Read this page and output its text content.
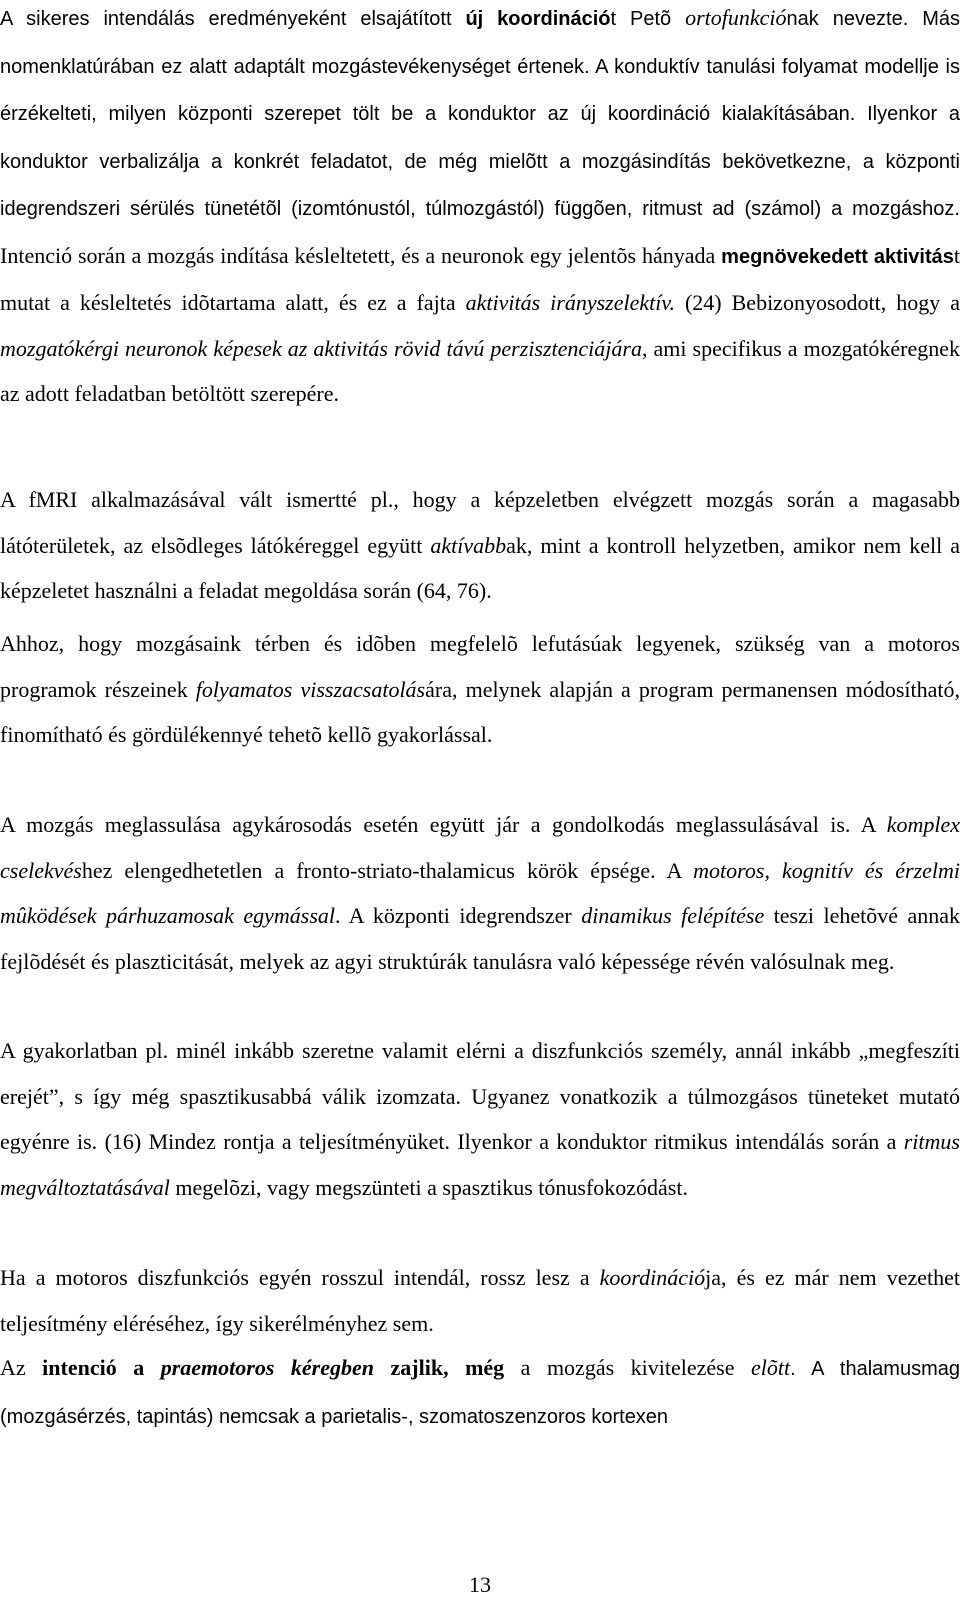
A sikeres intendálás eredményeként elsajátított új koordinációt Petõ ortofunkciónak nevezte. Más nomenklatúrában ez alatt adaptált mozgástevékenységet értenek. A konduktív tanulási folyamat modellje is érzékelteti, milyen központi szerepet tölt be a konduktor az új koordináció kialakításában. Ilyenkor a konduktor verbalizálja a konkrét feladatot, de még mielõtt a mozgásindítás bekövetkezne, a központi idegrendszeri sérülés tünetétõl (izomtónustól, túlmozgástól) függõen, ritmust ad (számol) a mozgáshoz. Intenció során a mozgás indítása késleltetett, és a neuronok egy jelentõs hányada megnövekedett aktivitást mutat a késleltetés idõtartama alatt, és ez a fajta aktivitás irányszelektív. (24) Bebizonyosodott, hogy a mozgatókérgi neuronok képesek az aktivitás rövid távú perzisztenciájára, ami specifikus a mozgatókéregnek az adott feladatban betöltött szerepére.

A fMRI alkalmazásával vált ismertté pl., hogy a képzeletben elvégzett mozgás során a magasabb látóterületek, az elsõdleges látókéreggel együtt aktívabbak, mint a kontroll helyzetben, amikor nem kell a képzeletet használni a feladat megoldása során (64, 76).

Ahhoz, hogy mozgásaink térben és idõben megfelelõ lefutásúak legyenek, szükség van a motoros programok részeinek folyamatos visszacsatolására, melynek alapján a program permanensen módosítható, finomítható és gördülékennyé tehetõ kellõ gyakorlással.

A mozgás meglassulása agykárosodás esetén együtt jár a gondolkodás meglassulásával is. A komplex cselekvéshez elengedhetetlen a fronto-striato-thalamicus körök épsége. A motoros, kognitív és érzelmi mûködések párhuzamosak egymással. A központi idegrendszer dinamikus felépítése teszi lehetõvé annak fejlõdését és plaszticitását, melyek az agyi struktúrák tanulásra való képessége révén valósulnak meg.

A gyakorlatban pl. minél inkább szeretne valamit elérni a diszfunkciós személy, annál inkább „megfeszíti erejét”, s így még spasztikusabbá válik izomzata. Ugyanez vonatkozik a túlmozgásos tüneteket mutató egyénre is. (16) Mindez rontja a teljesítményüket. Ilyenkor a konduktor ritmikus intendálás során a ritmus megváltoztatásával megelõzi, vagy megszünteti a spasztikus tónusfokozódást.

Ha a motoros diszfunkciós egyén rosszul intendál, rossz lesz a koordinációja, és ez már nem vezethet teljesítmény eléréséhez, így sikerélményhez sem.

Az intenció a praemotoros kéregben zajlik, még a mozgás kivitelezése elõtt. A thalamusmag (mozgásérzés, tapintás) nemcsak a parietalis-, szomatoszenzoros kortexen

13
